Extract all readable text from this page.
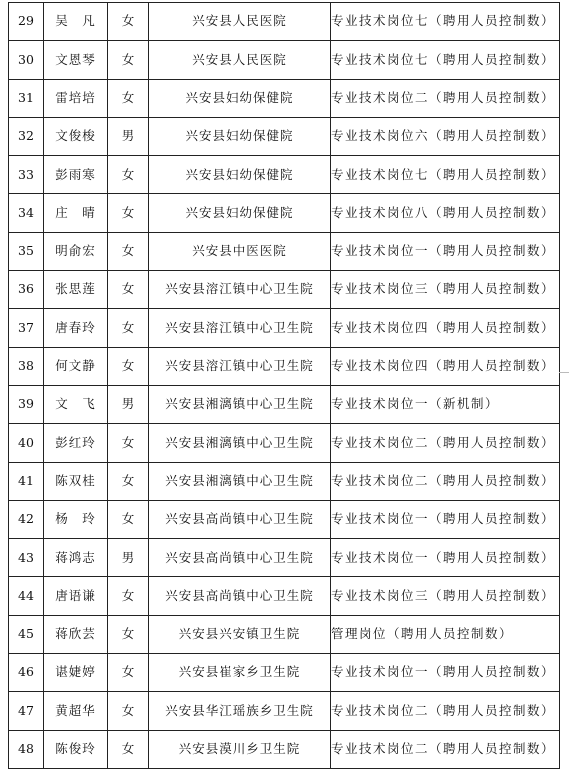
29	吴　凡	女	兴安县人民医院	专业技术岗位七（聘用人员控制数）
30	文恩琴	女	兴安县人民医院	专业技术岗位七（聘用人员控制数）
31	雷培培	女	兴安县妇幼保健院	专业技术岗位二（聘用人员控制数）
32	文俊梭	男	兴安县妇幼保健院	专业技术岗位六（聘用人员控制数）
33	彭雨寒	女	兴安县妇幼保健院	专业技术岗位七（聘用人员控制数）
34	庄　晴	女	兴安县妇幼保健院	专业技术岗位八（聘用人员控制数）
35	明俞宏	女	兴安县中医医院	专业技术岗位一（聘用人员控制数）
36	张思莲	女	兴安县溶江镇中心卫生院	专业技术岗位三（聘用人员控制数）
37	唐春玲	女	兴安县溶江镇中心卫生院	专业技术岗位四（聘用人员控制数）
38	何文静	女	兴安县溶江镇中心卫生院	专业技术岗位四（聘用人员控制数）
39	文　飞	男	兴安县湘漓镇中心卫生院	专业技术岗位一（新机制）
40	彭红玲	女	兴安县湘漓镇中心卫生院	专业技术岗位二（聘用人员控制数）
41	陈双桂	女	兴安县湘漓镇中心卫生院	专业技术岗位二（聘用人员控制数）
42	杨　玲	女	兴安县高尚镇中心卫生院	专业技术岗位一（聘用人员控制数）
43	蒋鸿志	男	兴安县高尚镇中心卫生院	专业技术岗位一（聘用人员控制数）
44	唐语谦	女	兴安县高尚镇中心卫生院	专业技术岗位三（聘用人员控制数）
45	蒋欣芸	女	兴安县兴安镇卫生院	管理岗位（聘用人员控制数）
46	谌婕婷	女	兴安县崔家乡卫生院	专业技术岗位一（聘用人员控制数）
47	黄超华	女	兴安县华江瑶族乡卫生院	专业技术岗位二（聘用人员控制数）
48	陈俊玲	女	兴安县漠川乡卫生院	专业技术岗位二（聘用人员控制数）
